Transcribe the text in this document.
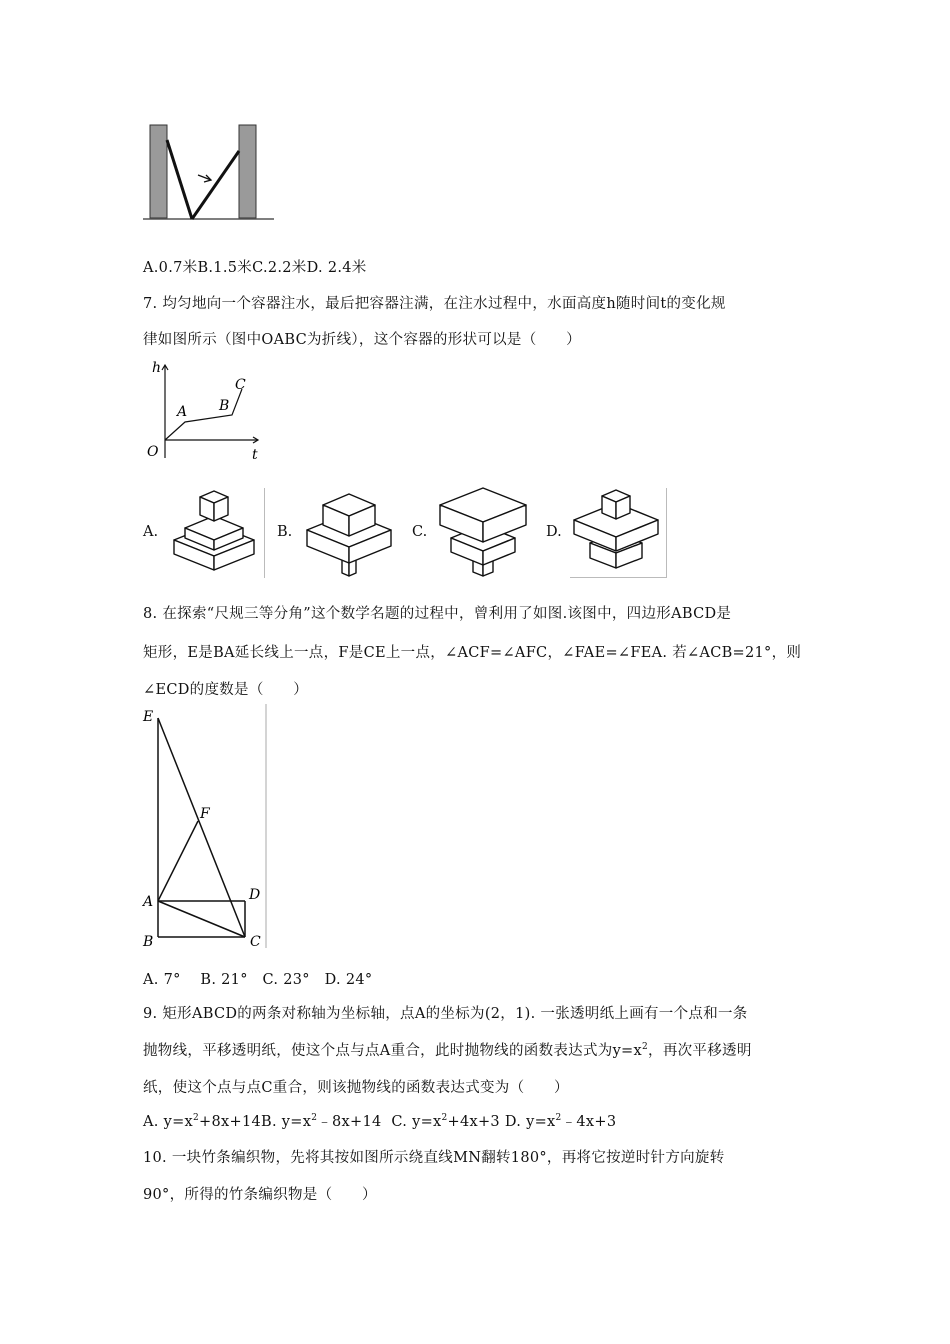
A.0.7米B.1.5米C.2.2米D. 2.4米
7. 均匀地向一个容器注水，最后把容器注满，在注水过程中，水面高度h随时间t的变化规
律如图所示（图中OABC为折线），这个容器的形状可以是（　　）
h
t
O
A B
C
A.	B.	C.	D.
8. 在探索“尺规三等分角”这个数学名题的过程中，曾利用了如图.该图中，四边形ABCD是
矩形，E是BA延长线上一点，F是CE上一点，∠ACF=∠AFC，∠FAE=∠FEA. 若∠ACB=21°，则
∠ECD的度数是（　　）
E
F
A
B	C
D
A. 7°　 B. 21°　C. 23°　D. 24°
9. 矩形ABCD的两条对称轴为坐标轴，点A的坐标为(2，1). 一张透明纸上画有一个点和一条
抛物线，平移透明纸，使这个点与点A重合，此时抛物线的函数表达式为$y=x^2$，再次平移透明
纸，使这个点与点C重合，则该抛物线的函数表达式变为（　　）
A. $y=x^2+8x+14B$. $y=x^2﹣8x+14$ C. $y=x^2+4x+3$ D. $y=x^2﹣4x+3$
10. 一块竹条编织物，先将其按如图所示绕直线MN翻转180°，再将它按逆时针方向旋转
90°，所得的竹条编织物是（　　）
